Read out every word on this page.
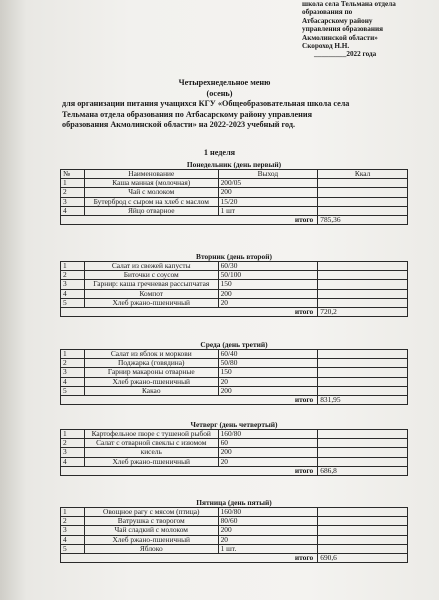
школа села Тельмана отдела
образования по
Атбасарскому району
управления образования
Акмолинской области»
Скороход Н.Н.
_________2022 года
Четырехнедельное меню
(осень)
для организации питания учащихся КГУ «Общеобразовательная школа села
Тельмана отдела образования по Атбасарскому району управления
образования Акмолинской области» на 2022-2023 учебный год.
1 неделя
Понедельник (день первый)			
№	Наименование	Выход	Ккал
1	Каша манная (молочная)	200/05	
2	Чай с молоком	200	
3	Бутерброд с сыром на хлеб с маслом	15/20	
4	Яйцо отварное	1 шт	
итого			785,36
Вторник (день второй)			
1	Салат из свежей капусты	60/30	
2	Биточки с соусом	50/100	
3	Гарнир: каша гречневая рассыпчатая	150	
4	Компот	200	
5	Хлеб ржано-пшеничный	20	
итого			720,2
Среда (день третий)			
1	Салат из яблок и моркови	60/40	
2	Поджарка (говядина)	50/80	
3	Гарнир макароны отварные	150	
4	Хлеб ржано-пшеничный	20	
5	Какао	200	
итого			831,95
Четверг (день четвертый)			
1	Картофельное пюре с тушеной рыбой	160/80	
2	Салат с отварной свеклы с изюмом	60	
3	кисель	200	
4	Хлеб ржано-пшеничный	20	
итого			686,8
Пятница (день пятый)			
1	Овощное рагу с мясом (птица)	160/80	
2	Ватрушка с творогом	80/60	
3	Чай сладкий с молоком	200	
4	Хлеб ржано-пшеничный	20	
5	Яблоко	1 шт.	
итого			690,6
